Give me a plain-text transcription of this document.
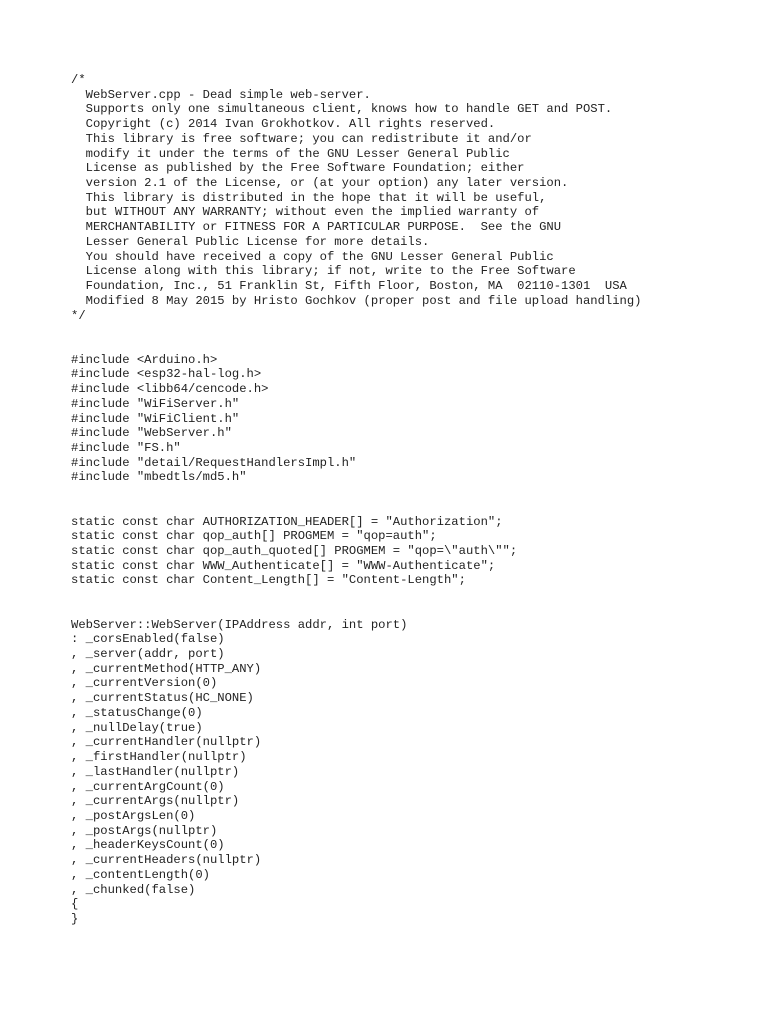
/*
WebServer.cpp - Dead simple web-server.
Supports only one simultaneous client, knows how to handle GET and POST.
Copyright (c) 2014 Ivan Grokhotkov. All rights reserved.
This library is free software; you can redistribute it and/or
modify it under the terms of the GNU Lesser General Public
License as published by the Free Software Foundation; either
version 2.1 of the License, or (at your option) any later version.
This library is distributed in the hope that it will be useful,
but WITHOUT ANY WARRANTY; without even the implied warranty of
MERCHANTABILITY or FITNESS FOR A PARTICULAR PURPOSE.  See the GNU
Lesser General Public License for more details.
You should have received a copy of the GNU Lesser General Public
License along with this library; if not, write to the Free Software
Foundation, Inc., 51 Franklin St, Fifth Floor, Boston, MA  02110-1301  USA
Modified 8 May 2015 by Hristo Gochkov (proper post and file upload handling)
*/
#include <Arduino.h>
#include <esp32-hal-log.h>
#include <libb64/cencode.h>
#include "WiFiServer.h"
#include "WiFiClient.h"
#include "WebServer.h"
#include "FS.h"
#include "detail/RequestHandlersImpl.h"
#include "mbedtls/md5.h"
static const char AUTHORIZATION_HEADER[] = "Authorization";
static const char qop_auth[] PROGMEM = "qop=auth";
static const char qop_auth_quoted[] PROGMEM = "qop=\"auth\"";
static const char WWW_Authenticate[] = "WWW-Authenticate";
static const char Content_Length[] = "Content-Length";
WebServer::WebServer(IPAddress addr, int port)
: _corsEnabled(false)
, _server(addr, port)
, _currentMethod(HTTP_ANY)
, _currentVersion(0)
, _currentStatus(HC_NONE)
, _statusChange(0)
, _nullDelay(true)
, _currentHandler(nullptr)
, _firstHandler(nullptr)
, _lastHandler(nullptr)
, _currentArgCount(0)
, _currentArgs(nullptr)
, _postArgsLen(0)
, _postArgs(nullptr)
, _headerKeysCount(0)
, _currentHeaders(nullptr)
, _contentLength(0)
, _chunked(false)
{
}
